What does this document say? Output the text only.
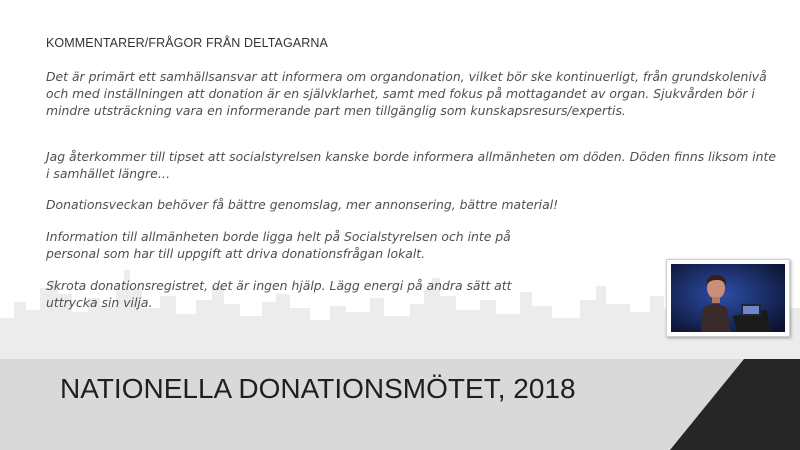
KOMMENTARER/FRÅGOR FRÅN DELTAGARNA

Det är primärt ett samhällsansvar att informera om organdonation, vilket bör ske kontinuerligt, från grundskolenivå och med inställningen att donation är en självklarhet, samt med fokus på mottagandet av organ. Sjukvården bör i mindre utsträckning vara en informerande part men tillgänglig som kunskapsresurs/expertis.

Jag återkommer till tipset att socialstyrelsen kanske borde informera allmänheten om döden. Döden finns liksom inte i samhället längre…

Donationsveckan behöver få bättre genomslag, mer annonsering, bättre material!

Information till allmänheten borde ligga helt på Socialstyrelsen och inte på personal som har till uppgift att driva donationsfrågan lokalt.

Skrota donationsregistret, det är ingen hjälp. Lägg energi på andra sätt att uttrycka sin vilja.

NATIONELLA DONATIONSMÖTET, 2018
